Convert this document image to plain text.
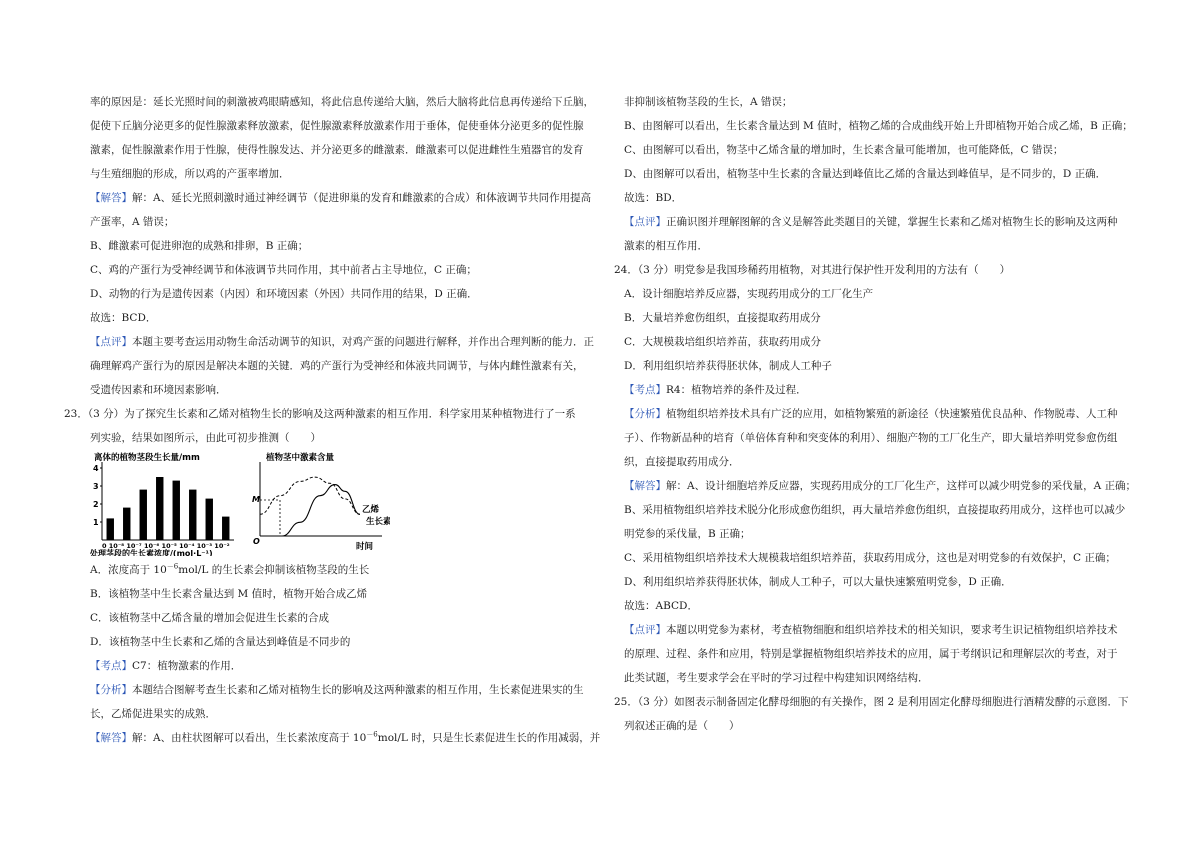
率的原因是：延长光照时间的刺激被鸡眼睛感知，将此信息传递给大脑，然后大脑将此信息再传递给下丘脑，

促使下丘脑分泌更多的促性腺激素释放激素，促性腺激素释放激素作用于垂体，促使垂体分泌更多的促性腺

激素，促性腺激素作用于性腺，使得性腺发达、并分泌更多的雌激素．雌激素可以促进雌性生殖器官的发育

与生殖细胞的形成，所以鸡的产蛋率增加．

【解答】解：A、延长光照刺激时通过神经调节（促进卵巢的发育和雌激素的合成）和体液调节共同作用提高

产蛋率，A 错误；

B、雌激素可促进卵泡的成熟和排卵，B 正确；

C、鸡的产蛋行为受神经调节和体液调节共同作用，其中前者占主导地位，C 正确；

D、动物的行为是遗传因素（内因）和环境因素（外因）共同作用的结果，D 正确．

故选：BCD．

【点评】本题主要考查运用动物生命活动调节的知识，对鸡产蛋的问题进行解释，并作出合理判断的能力．正

确理解鸡产蛋行为的原因是解决本题的关键．鸡的产蛋行为受神经和体液共同调节，与体内雌性激素有关，

受遗传因素和环境因素影响．

23．（3 分）为了探究生长素和乙烯对植物生长的影响及这两种激素的相互作用．科学家用某种植物进行了一系

列实验，结果如图所示，由此可初步推测（　　）

离体的植物茎段生长量/mm
1
2
3
4
0 10⁻⁸ 10⁻⁷ 10⁻⁶ 10⁻⁵ 10⁻⁴ 10⁻³ 10⁻²
处理茎段的生长素浓度/(mol·L⁻¹)
植物茎中激素含量
M
O
乙烯
生长素
时间

A．浓度高于 $10^{-6}mol/L$ 的生长素会抑制该植物茎段的生长

B．该植物茎中生长素含量达到 M 值时，植物开始合成乙烯

C．该植物茎中乙烯含量的增加会促进生长素的合成

D．该植物茎中生长素和乙烯的含量达到峰值是不同步的

【考点】C7：植物激素的作用．

【分析】本题结合图解考查生长素和乙烯对植物生长的影响及这两种激素的相互作用，生长素促进果实的生

长，乙烯促进果实的成熟．

【解答】解：A、由柱状图解可以看出，生长素浓度高于 $10^{-6}mol/L$ 时，只是生长素促进生长的作用减弱，并

非抑制该植物茎段的生长，A 错误；

B、由图解可以看出，生长素含量达到 M 值时，植物乙烯的合成曲线开始上升即植物开始合成乙烯，B 正确；

C、由图解可以看出，物茎中乙烯含量的增加时，生长素含量可能增加，也可能降低，C 错误；

D、由图解可以看出，植物茎中生长素的含量达到峰值比乙烯的含量达到峰值早，是不同步的，D 正确．

故选：BD．

【点评】正确识图并理解图解的含义是解答此类题目的关键，掌握生长素和乙烯对植物生长的影响及这两种

激素的相互作用．

24．（3 分）明党参是我国珍稀药用植物，对其进行保护性开发利用的方法有（　　）

A．设计细胞培养反应器，实现药用成分的工厂化生产

B．大量培养愈伤组织，直接提取药用成分

C．大规模栽培组织培养苗，获取药用成分

D．利用组织培养获得胚状体，制成人工种子

【考点】R4：植物培养的条件及过程．

【分析】植物组织培养技术具有广泛的应用，如植物繁殖的新途径（快速繁殖优良品种、作物脱毒、人工种

子）、作物新品种的培育（单倍体育种和突变体的利用）、细胞产物的工厂化生产，即大量培养明党参愈伤组

织，直接提取药用成分．

【解答】解：A、设计细胞培养反应器，实现药用成分的工厂化生产，这样可以减少明党参的采伐量，A 正确；

B、采用植物组织培养技术脱分化形成愈伤组织，再大量培养愈伤组织，直接提取药用成分，这样也可以减少

明党参的采伐量，B 正确；

C、采用植物组织培养技术大规模栽培组织培养苗，获取药用成分，这也是对明党参的有效保护，C 正确；

D、利用组织培养获得胚状体，制成人工种子，可以大量快速繁殖明党参，D 正确．

故选：ABCD．

【点评】本题以明党参为素材，考查植物细胞和组织培养技术的相关知识，要求考生识记植物组织培养技术

的原理、过程、条件和应用，特别是掌握植物组织培养技术的应用，属于考纲识记和理解层次的考查，对于

此类试题，考生要求学会在平时的学习过程中构建知识网络结构．

25．（3 分）如图表示制备固定化酵母细胞的有关操作，图 2 是利用固定化酵母细胞进行酒精发酵的示意图．下

列叙述正确的是（　　）
